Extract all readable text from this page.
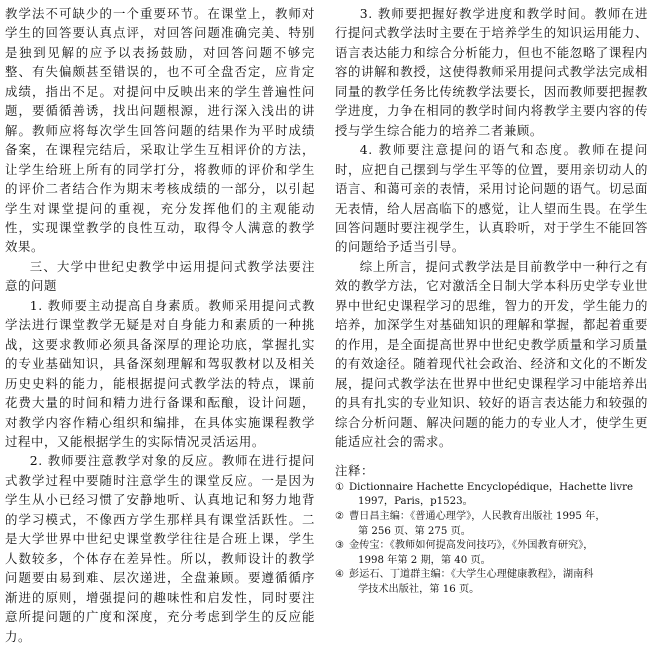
教学法不可缺少的一个重要环节。在课堂上，教师对学生的回答要认真点评，对回答问题准确完美、特别是独到见解的应予以表扬鼓励，对回答问题不够完整、有失偏颇甚至错误的，也不可全盘否定，应肯定成绩，指出不足。对提问中反映出来的学生普遍性问题，要循循善诱，找出问题根源，进行深入浅出的讲解。教师应将每次学生回答问题的结果作为平时成绩备案，在课程完结后，采取让学生互相评价的方法，让学生给班上所有的同学打分，将教师的评价和学生的评价二者结合作为期末考核成绩的一部分，以引起学生对课堂提问的重视，充分发挥他们的主观能动性，实现课堂教学的良性互动，取得令人满意的教学效果。

三、大学中世纪史教学中运用提问式教学法要注意的问题

1. 教师要主动提高自身素质。教师采用提问式教学法进行课堂教学无疑是对自身能力和素质的一种挑战，这要求教师必须具备深厚的理论功底，掌握扎实的专业基础知识，具备深刻理解和驾驭教材以及相关历史史料的能力，能根据提问式教学法的特点，课前花费大量的时间和精力进行备课和酝酿，设计问题，对教学内容作精心组织和编排，在具体实施课程教学过程中，又能根据学生的实际情况灵活运用。

2. 教师要注意教学对象的反应。教师在进行提问式教学过程中要随时注意学生的课堂反应。一是因为学生从小已经习惯了安静地听、认真地记和努力地背的学习模式，不像西方学生那样具有课堂活跃性。二是大学世界中世纪史课堂教学往往是合班上课，学生人数较多，个体存在差异性。所以，教师设计的教学问题要由易到难、层次递进，全盘兼顾。要遵循循序渐进的原则，增强提问的趣味性和启发性，同时要注意所提问题的广度和深度，充分考虑到学生的反应能力。

3. 教师要把握好教学进度和教学时间。教师在进行提问式教学法时主要在于培养学生的知识运用能力、语言表达能力和综合分析能力，但也不能忽略了课程内容的讲解和教授，这使得教师采用提问式教学法完成相同量的教学任务比传统教学法要长，因而教师要把握教学进度，力争在相同的教学时间内将教学主要内容的传授与学生综合能力的培养二者兼顾。

4. 教师要注意提问的语气和态度。教师在提问时，应把自己摆到与学生平等的位置，要用亲切动人的语言、和蔼可亲的表情，采用讨论问题的语气。切忌面无表情，给人居高临下的感觉，让人望而生畏。在学生回答问题时要注视学生，认真聆听，对于学生不能回答的问题给予适当引导。

综上所言，提问式教学法是目前教学中一种行之有效的教学方法，它对激活全日制大学本科历史学专业世界中世纪史课程学习的思维，智力的开发，学生能力的培养，加深学生对基础知识的理解和掌握，都起着重要的作用，是全面提高世界中世纪史教学质量和学习质量的有效途径。随着现代社会政治、经济和文化的不断发展，提问式教学法在世界中世纪史课程学习中能培养出的具有扎实的专业知识、较好的语言表达能力和较强的综合分析问题、解决问题的能力的专业人才，使学生更能适应社会的需求。

注释：

① Dictionnaire Hachette Encyclopédique，Hachette livre
1997，Paris，p1523。
② 曹日昌主编：《普通心理学》，人民教育出版社 1995 年，
第 256 页、第 275 页。
③ 金传宝：《教师如何提高发问技巧》，《外国教育研究》，
1998 年第 2 期，第 40 页。
④ 彭运石、丁道群主编：《大学生心理健康教程》，湖南科
学技术出版社，第 16 页。
